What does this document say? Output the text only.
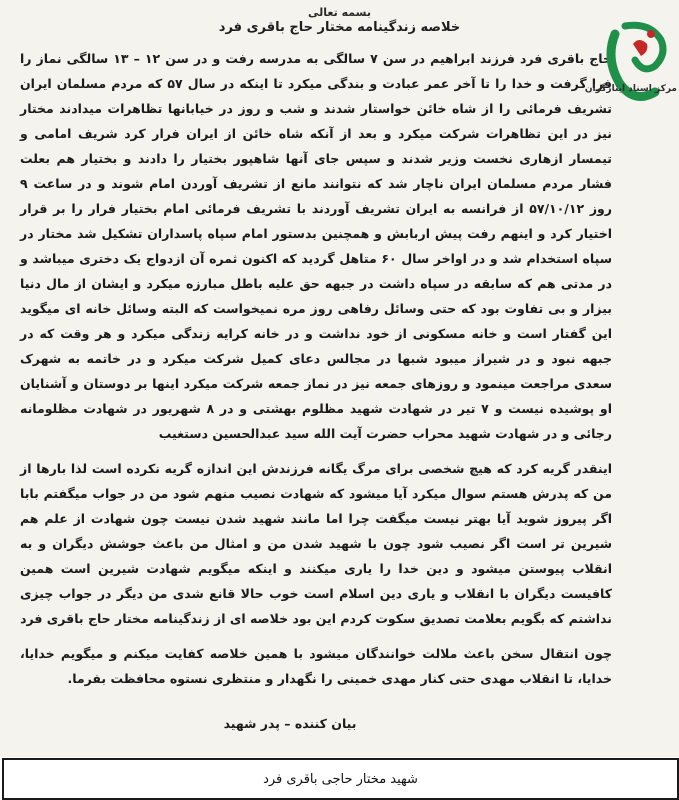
بسمه تعالی
خلاصه زندگینامه مختار حاج باقری فرد

حاج باقری فرد فرزند ابراهیم در سن ۷ سالگی به مدرسه رفت و در سن ۱۲ – ۱۳ سالگی نماز را فرا گرفت و خدا را تا آخر عمر عبادت و بندگی میکرد تا اینکه در سال ۵۷ که مردم مسلمان ایران تشریف فرمائی را از شاه خائن خواستار شدند و شب و روز در خیابانها تظاهرات میدادند مختار نیز در این تظاهرات شرکت میکرد و بعد از آنکه شاه خائن از ایران فرار کرد شریف امامی و تیمسار ازهاری نخست وزیر شدند و سپس جای آنها شاهپور بختیار را دادند و بختیار هم بعلت فشار مردم مسلمان ایران ناچار شد که نتوانند مانع از تشریف آوردن امام شوند و در ساعت ۹ روز ۵۷/۱۰/۱۲ از فرانسه به ایران تشریف آوردند با تشریف فرمائی امام بختیار فرار را بر قرار اختیار کرد و اینهم رفت پیش اربابش و همچنین بدستور امام سپاه پاسداران تشکیل شد مختار در سپاه استخدام شد و در اواخر سال ۶۰ متاهل گردید که اکنون ثمره آن ازدواج یک دختری میباشد و در مدتی هم که سابقه در سپاه داشت در جبهه حق علیه باطل مبارزه میکرد و ایشان از مال دنیا بیزار و بی تفاوت بود که حتی وسائل رفاهی روز مره نمیخواست که البته وسائل خانه ای میگوید این گفتار است و خانه مسکونی از خود نداشت و در خانه کرایه زندگی میکرد و هر وقت که در جبهه نبود و در شیراز میبود شبها در مجالس دعای کمیل شرکت میکرد و در خاتمه به شهرک سعدی مراجعت مینمود و روزهای جمعه نیز در نماز جمعه شرکت میکرد اینها بر دوستان و آشنایان او پوشیده نیست و ۷ تیر در شهادت شهید مظلوم بهشتی و در ۸ شهریور در شهادت مظلومانه رجائی و در شهادت شهید محراب حضرت آیت الله سید عبدالحسین دستغیب

اینقدر گریه کرد که هیچ شخصی برای مرگ یگانه فرزندش این اندازه گریه نکرده است لذا بارها از من که پدرش هستم سوال میکرد آیا میشود که شهادت نصیب منهم شود من در جواب میگفتم بابا اگر پیروز شوید آیا بهتر نیست میگفت چرا اما مانند شهید شدن نیست چون شهادت از علم هم شیرین تر است اگر نصیب شود چون با شهید شدن من و امثال من باعث جوشش دیگران و به انقلاب پیوستن میشود و دین خدا را یاری میکنند و اینکه میگویم شهادت شیرین است همین کافیست دیگران با انقلاب و یاری دین اسلام است خوب حالا قانع شدی من دیگر در جواب چیزی نداشتم که بگویم بعلامت تصدیق سکوت کردم این بود خلاصه ای از زندگینامه مختار حاج باقری فرد

چون انتقال سخن باعث ملالت خوانندگان میشود با همین خلاصه کفایت میکنم و میگویم خدایا، خدایا، تا انقلاب مهدی حتی کنار مهدی خمینی را نگهدار و منتظری نستوه محافظت بفرما.

بیان کننده – پدر شهید
مرکز اسناد ایثارگران
شهید مختار حاجی باقری فرد
